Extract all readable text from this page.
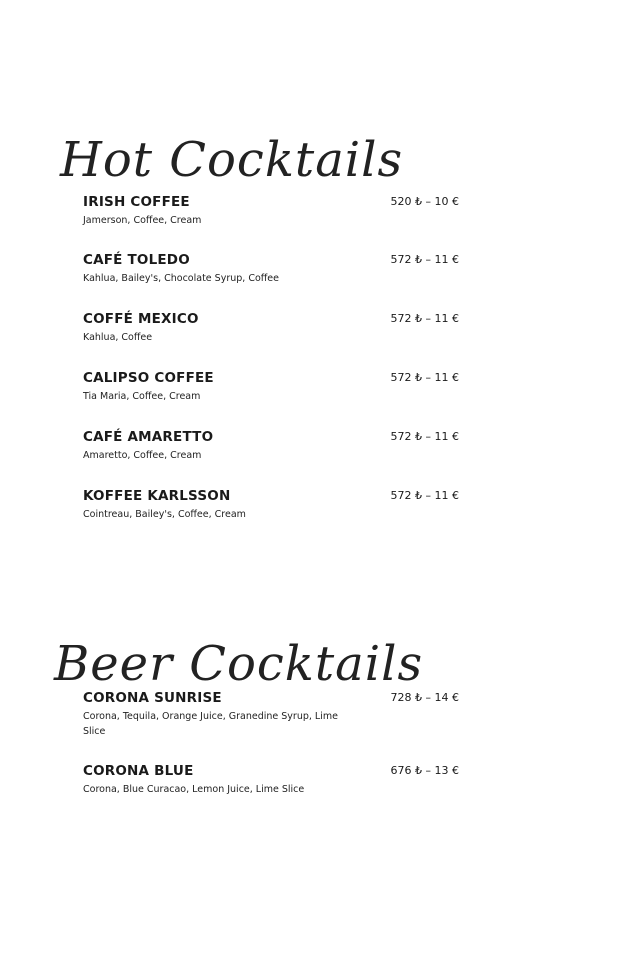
Hot Cocktails
IRISH COFFEE	520 ₺ – 10 €
Jamerson, Coffee, Cream
CAFÉ TOLEDO	572 ₺ – 11 €
Kahlua, Bailey's, Chocolate Syrup, Coffee
COFFÉ MEXICO	572 ₺ – 11 €
Kahlua, Coffee
CALIPSO COFFEE	572 ₺ – 11 €
Tia Maria, Coffee, Cream
CAFÉ AMARETTO	572 ₺ – 11 €
Amaretto, Coffee, Cream
KOFFEE KARLSSON	572 ₺ – 11 €
Cointreau, Bailey's, Coffee, Cream
Beer Cocktails
CORONA SUNRISE	728 ₺ – 14 €
Corona, Tequila, Orange Juice, Granedine Syrup, Lime Slice
CORONA BLUE	676 ₺ – 13 €
Corona, Blue Curacao, Lemon Juice, Lime Slice
